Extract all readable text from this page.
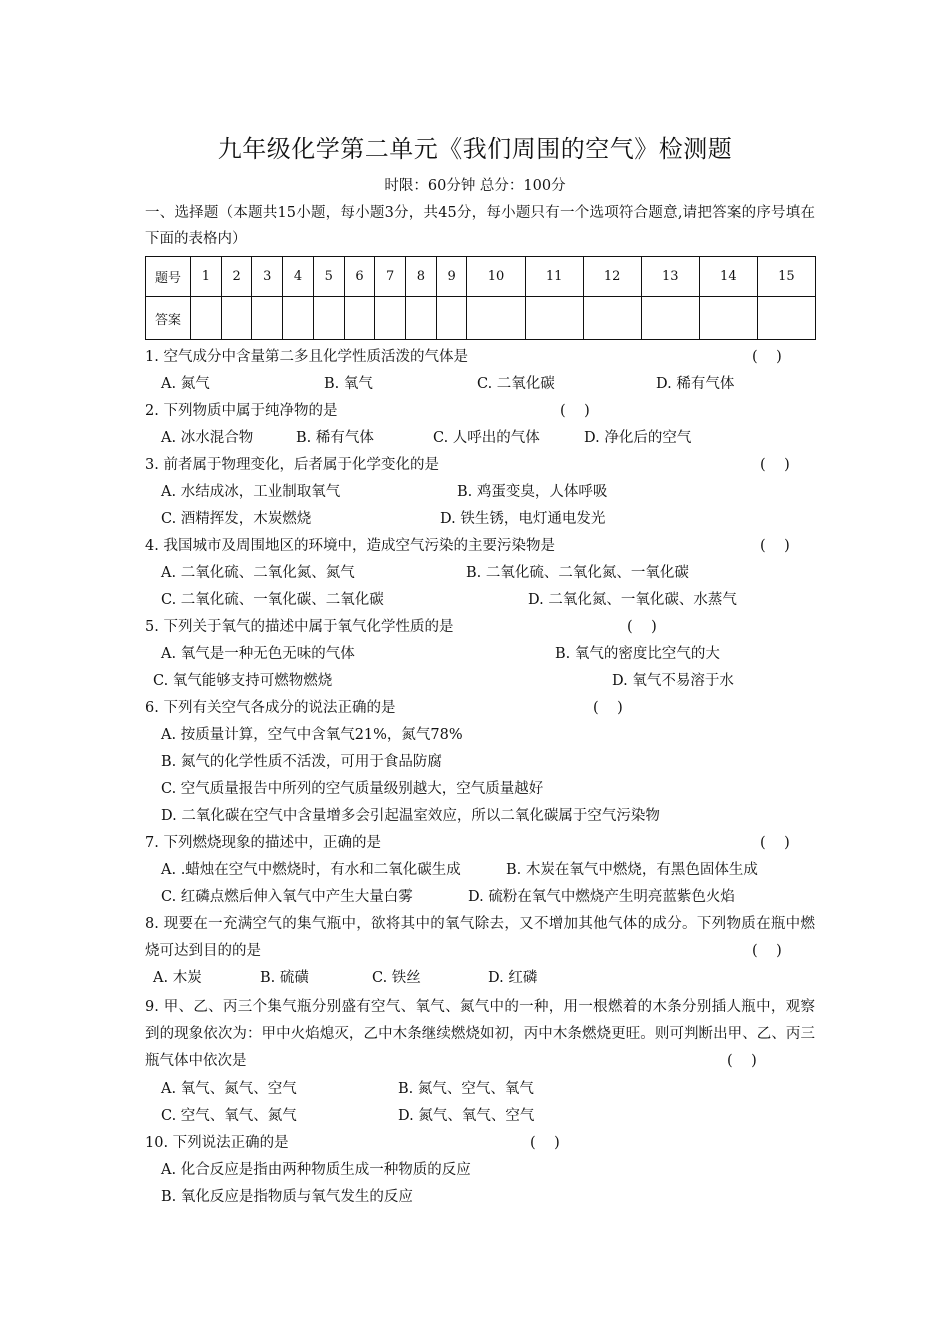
九年级化学第二单元《我们周围的空气》检测题
时限：60分钟 总分：100分
一、选择题（本题共15小题，每小题3分，共45分，每小题只有一个选项符合题意,请把答案的序号填在下面的表格内）
题号	1	2	3	4	5	6	7	8	9	10	11	12	13	14	15
答案															
1. 空气成分中含量第二多且化学性质活泼的气体是	(    )
A. 氮气	B. 氧气	C. 二氧化碳	D. 稀有气体
2. 下列物质中属于纯净物的是	(    )
A. 冰水混合物	B. 稀有气体	C. 人呼出的气体	D. 净化后的空气
3. 前者属于物理变化，后者属于化学变化的是	(    )
A. 水结成冰，工业制取氧气	B. 鸡蛋变臭，人体呼吸
C. 酒精挥发，木炭燃烧	D. 铁生锈，电灯通电发光
4. 我国城市及周围地区的环境中，造成空气污染的主要污染物是	(    )
A. 二氧化硫、二氧化氮、氮气	B. 二氧化硫、二氧化氮、一氧化碳
C. 二氧化硫、一氧化碳、二氧化碳	D. 二氧化氮、一氧化碳、水蒸气
5. 下列关于氧气的描述中属于氧气化学性质的是	(    )
A. 氧气是一种无色无味的气体	B. 氧气的密度比空气的大
C. 氧气能够支持可燃物燃烧	D. 氧气不易溶于水
6. 下列有关空气各成分的说法正确的是	(    )
A. 按质量计算，空气中含氧气21%，氮气78%
B. 氮气的化学性质不活泼，可用于食品防腐
C. 空气质量报告中所列的空气质量级别越大，空气质量越好
D. 二氧化碳在空气中含量增多会引起温室效应，所以二氧化碳属于空气污染物
7. 下列燃烧现象的描述中，正确的是	(    )
A. .蜡烛在空气中燃烧时，有水和二氧化碳生成	B. 木炭在氧气中燃烧，有黑色固体生成
C. 红磷点燃后伸入氧气中产生大量白雾	D. 硫粉在氧气中燃烧产生明亮蓝紫色火焰
8. 现要在一充满空气的集气瓶中，欲将其中的氧气除去，又不增加其他气体的成分。下列物质在瓶中燃烧可达到目的的是	(    )
A. 木炭	B. 硫磺	C. 铁丝	D. 红磷
9. 甲、乙、丙三个集气瓶分别盛有空气、氧气、氮气中的一种，用一根燃着的木条分别插人瓶中，观察到的现象依次为：甲中火焰熄灭，乙中木条继续燃烧如初，丙中木条燃烧更旺。则可判断出甲、乙、丙三瓶气体中依次是	(    )
A. 氧气、氮气、空气	B. 氮气、空气、氧气
C. 空气、氧气、氮气	D. 氮气、氧气、空气
10. 下列说法正确的是	(    )
A. 化合反应是指由两种物质生成一种物质的反应
B. 氧化反应是指物质与氧气发生的反应
